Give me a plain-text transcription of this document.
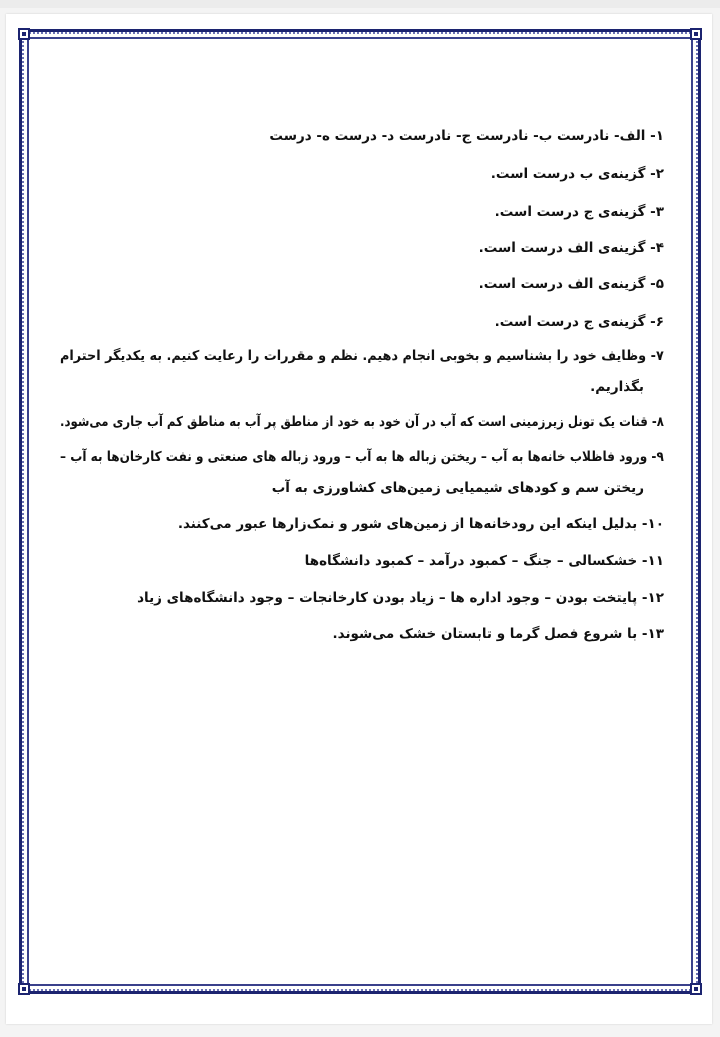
۱- الف- نادرست ب- نادرست ج- نادرست د- درست ه- درست
۲- گزینه‌ی ب درست است.
۳- گزینه‌ی ج درست است.
۴- گزینه‌ی الف درست است.
۵- گزینه‌ی الف درست است.
۶- گزینه‌ی ج درست است.
۷- وظایف خود را بشناسیم و بخوبی انجام دهیم. نظم و مقررات را رعایت کنیم. به یکدیگر احترام
بگذاریم.
۸- قنات یک تونل زیرزمینی است که آب در آن خود به خود از مناطق پر آب به مناطق کم آب جاری می‌شود.
۹- ورود فاظلاب خانه‌ها به آب – ریختن زباله ها به آب – ورود زباله های صنعتی و نفت کارخان‌ها به آب –
ریختن سم و کودهای شیمیایی زمین‌های کشاورزی به آب
۱۰- بدلیل اینکه این رودخانه‌ها از زمین‌های شور و نمک‌زارها عبور می‌کنند.
۱۱- خشکسالی – جنگ – کمبود درآمد – کمبود دانشگاه‌ها
۱۲- پایتخت بودن – وجود اداره ها – زیاد بودن کارخانجات – وجود دانشگاه‌های زیاد
۱۳- با شروع فصل گرما و تابستان خشک می‌شوند.
